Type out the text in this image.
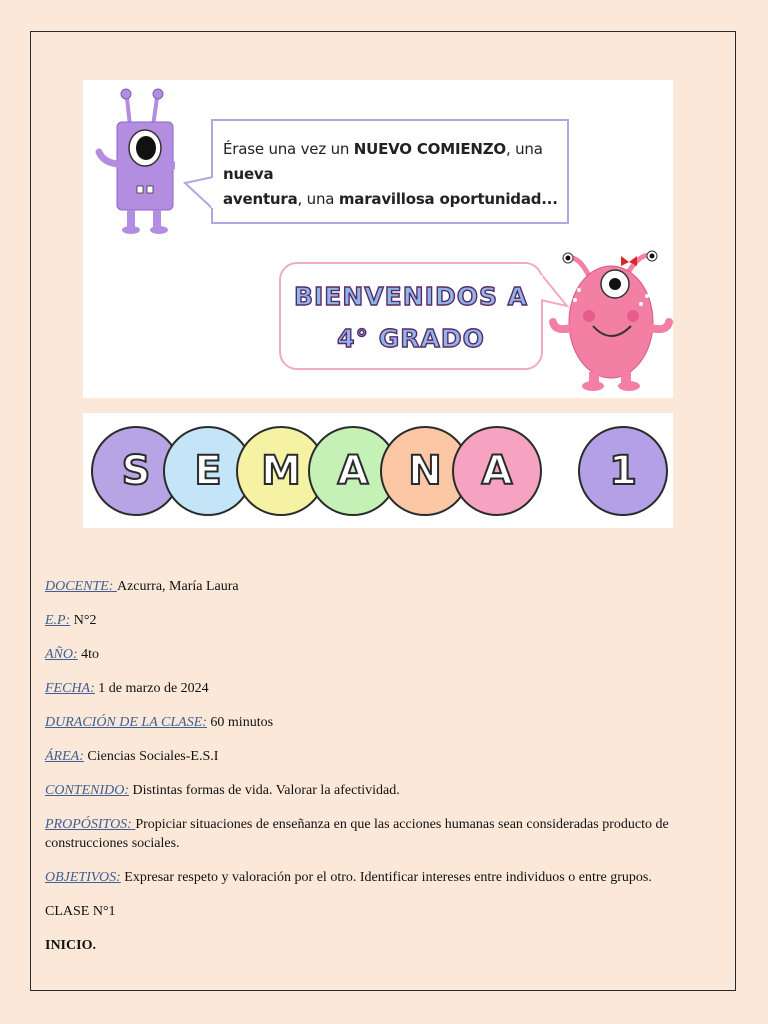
Érase una vez un NUEVO COMIENZO, una nueva
aventura, una maravillosa oportunidad...
BIENVENIDOS A
4° GRADO
S	E M A N A	1

DOCENTE: Azcurra, María Laura

E.P: N°2

AÑO: 4to

FECHA: 1 de marzo de 2024

DURACIÓN DE LA CLASE: 60 minutos

ÁREA: Ciencias Sociales-E.S.I

CONTENIDO: Distintas formas de vida. Valorar la afectividad.

PROPÓSITOS: Propiciar situaciones de enseñanza en que las acciones humanas sean consideradas producto de construcciones sociales.

OBJETIVOS: Expresar respeto y valoración por el otro. Identificar intereses entre individuos o entre grupos.

CLASE N°1

INICIO.
